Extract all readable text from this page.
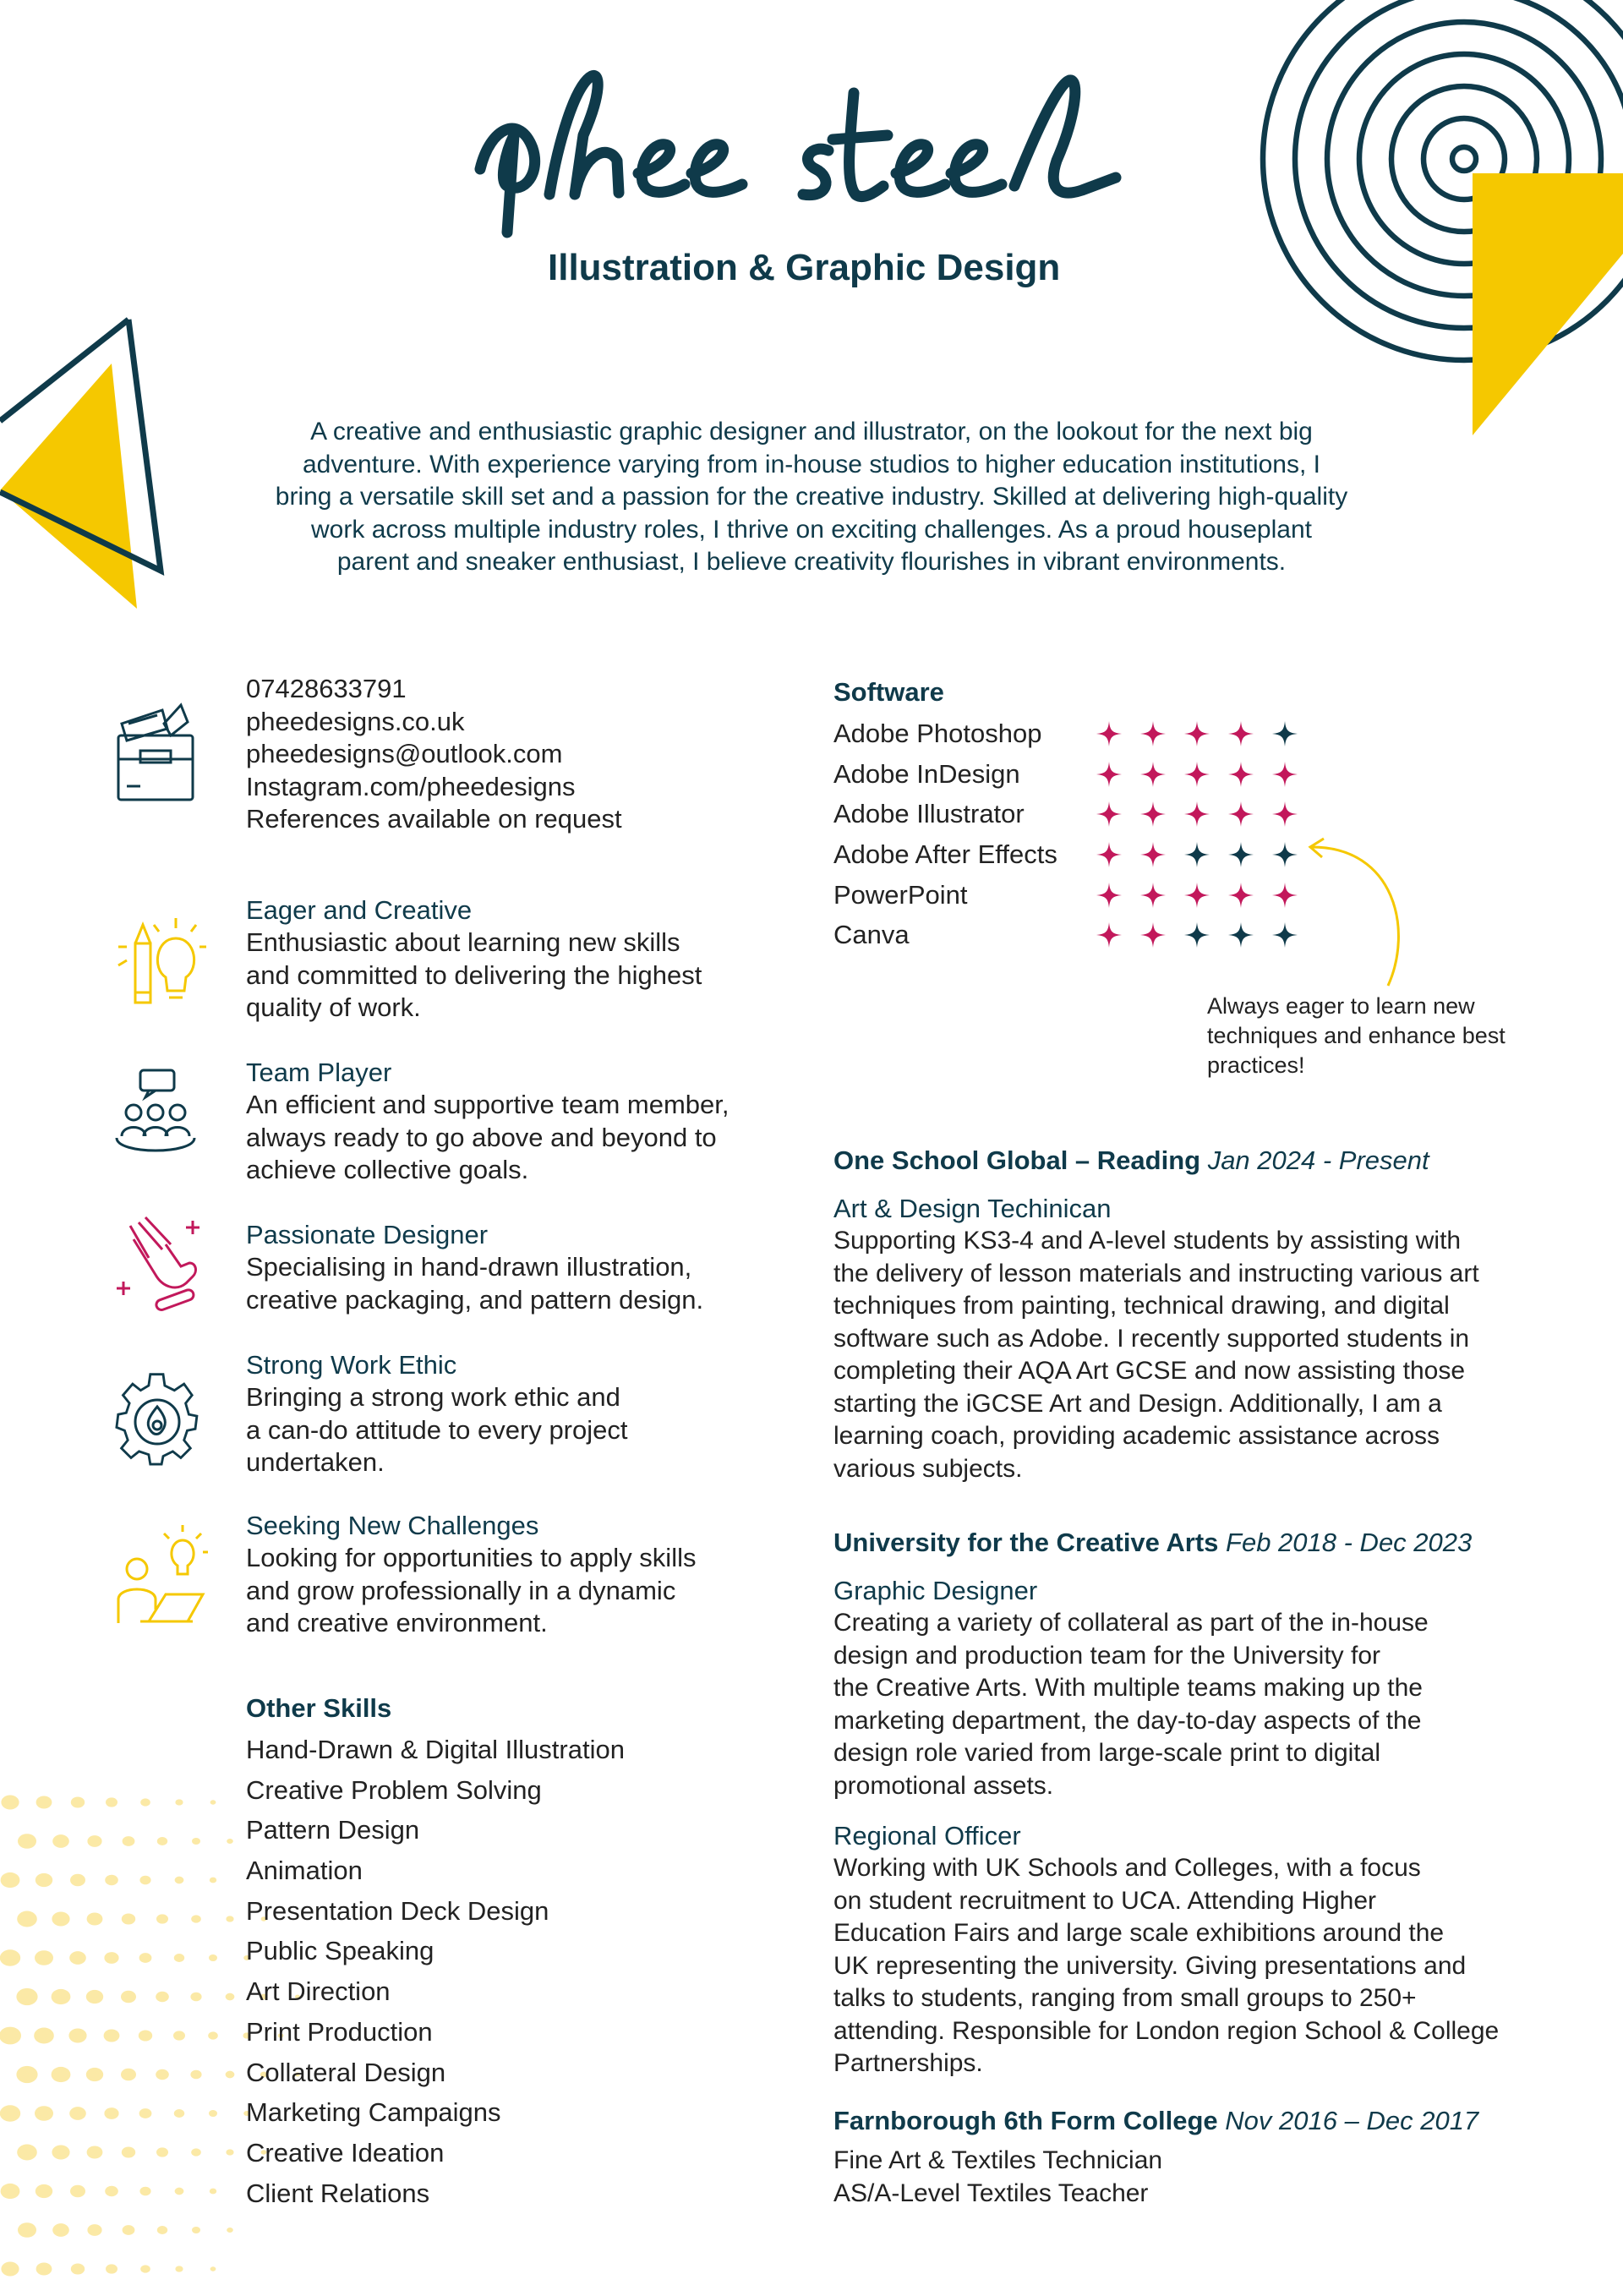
phee steel
Illustration & Graphic Design
A creative and enthusiastic graphic designer and illustrator, on the lookout for the next big
adventure. With experience varying from in-house studios to higher education institutions, I
bring a versatile skill set and a passion for the creative industry. Skilled at delivering high-quality
work across multiple industry roles, I thrive on exciting challenges. As a proud houseplant
parent and sneaker enthusiast, I believe creativity flourishes in vibrant environments.
07428633791
pheedesigns.co.uk
pheedesigns@outlook.com
Instagram.com/pheedesigns
References available on request
Eager and Creative
Enthusiastic about learning new skills
and committed to delivering the highest
quality of work.
Team Player
An efficient and supportive team member,
always ready to go above and beyond to
achieve collective goals.
Passionate Designer
Specialising in hand-drawn illustration,
creative packaging, and pattern design.
Strong Work Ethic
Bringing a strong work ethic and
a can-do attitude to every project
undertaken.
Seeking New Challenges
Looking for opportunities to apply skills
and grow professionally in a dynamic
and creative environment.
Other Skills
Hand-Drawn & Digital Illustration
Creative Problem Solving
Pattern Design
Animation
Presentation Deck Design
Public Speaking
Art Direction
Print Production
Collateral Design
Marketing Campaigns
Creative Ideation
Client Relations
Software
Adobe Photoshop
Adobe InDesign
Adobe Illustrator
Adobe After Effects
PowerPoint
Canva
Always eager to learn new
techniques and enhance best
practices!
One School Global – Reading Jan 2024 - Present
Art & Design Techinican
Supporting KS3-4 and A-level students by assisting with
the delivery of lesson materials and instructing various art
techniques from painting, technical drawing, and digital
software such as Adobe. I recently supported students in
completing their AQA Art GCSE and now assisting those
starting the iGCSE Art and Design. Additionally, I am a
learning coach, providing academic assistance across
various subjects.
University for the Creative Arts Feb 2018 - Dec 2023
Graphic Designer
Creating a variety of collateral as part of the in-house
design and production team for the University for
the Creative Arts. With multiple teams making up the
marketing department, the day-to-day aspects of the
design role varied from large-scale print to digital
promotional assets.
Regional Officer
Working with UK Schools and Colleges, with a focus
on student recruitment to UCA. Attending Higher
Education Fairs and large scale exhibitions around the
UK representing the university. Giving presentations and
talks to students, ranging from small groups to 250+
attending. Responsible for London region School & College
Partnerships.
Farnborough 6th Form College Nov 2016 – Dec 2017
Fine Art & Textiles Technician
AS/A-Level Textiles Teacher
